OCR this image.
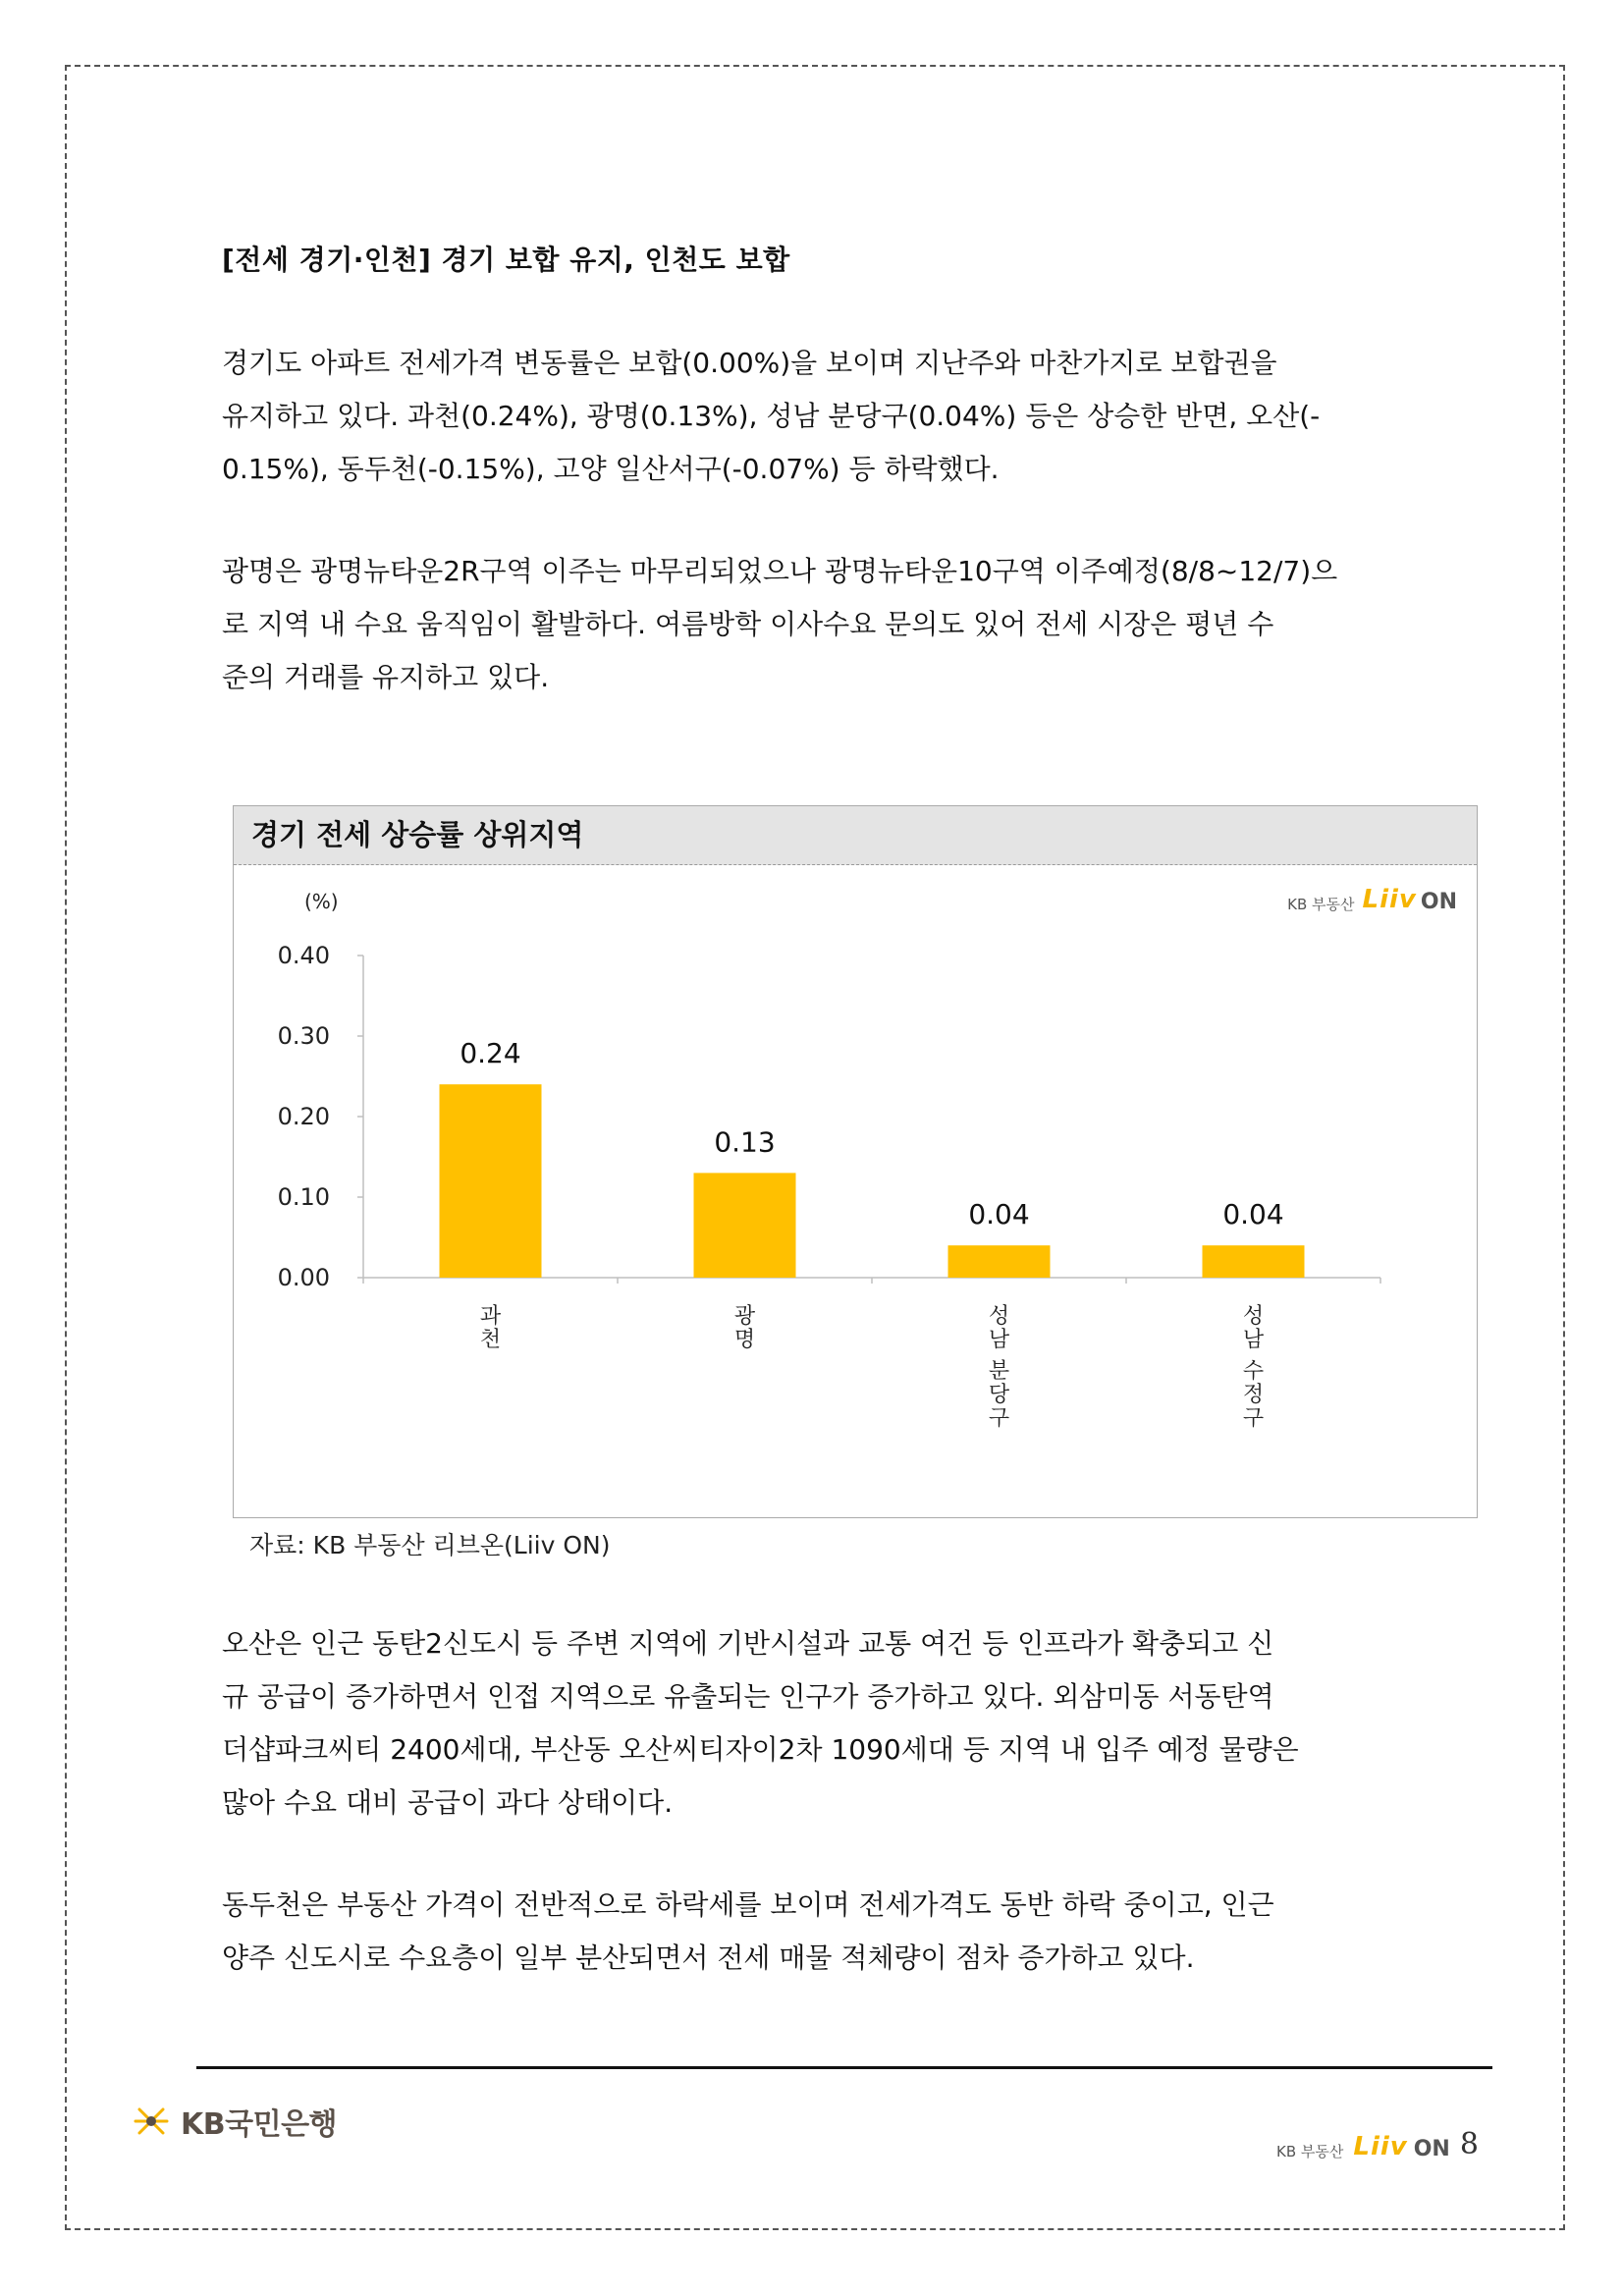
[전세 경기·인천] 경기 보합 유지, 인천도 보합
경기도 아파트 전세가격 변동률은 보합(0.00%)을 보이며 지난주와 마찬가지로 보합권을
유지하고 있다. 과천(0.24%), 광명(0.13%), 성남 분당구(0.04%) 등은 상승한 반면, 오산(-
0.15%), 동두천(-0.15%), 고양 일산서구(-0.07%) 등 하락했다.
광명은 광명뉴타운2R구역 이주는 마무리되었으나 광명뉴타운10구역 이주예정(8/8~12/7)으
로 지역 내 수요 움직임이 활발하다. 여름방학 이사수요 문의도 있어 전세 시장은 평년 수
준의 거래를 유지하고 있다.
경기 전세 상승률 상위지역
KB 부동산 Liiv ON
(%)
0.40
0.30
0.20
0.10
0.00
0.24
과 천
0.13
광 명
0.04
성 남 분 당 구
0.04
성 남 수 정 구
자료: KB 부동산 리브온(Liiv ON)
오산은 인근 동탄2신도시 등 주변 지역에 기반시설과 교통 여건 등 인프라가 확충되고 신
규 공급이 증가하면서 인접 지역으로 유출되는 인구가 증가하고 있다. 외삼미동 서동탄역
더샵파크씨티 2400세대, 부산동 오산씨티자이2차 1090세대 등 지역 내 입주 예정 물량은
많아 수요 대비 공급이 과다 상태이다.
동두천은 부동산 가격이 전반적으로 하락세를 보이며 전세가격도 동반 하락 중이고, 인근
양주 신도시로 수요층이 일부 분산되면서 전세 매물 적체량이 점차 증가하고 있다.
KB국민은행
KB 부동산 Liiv ON 8
